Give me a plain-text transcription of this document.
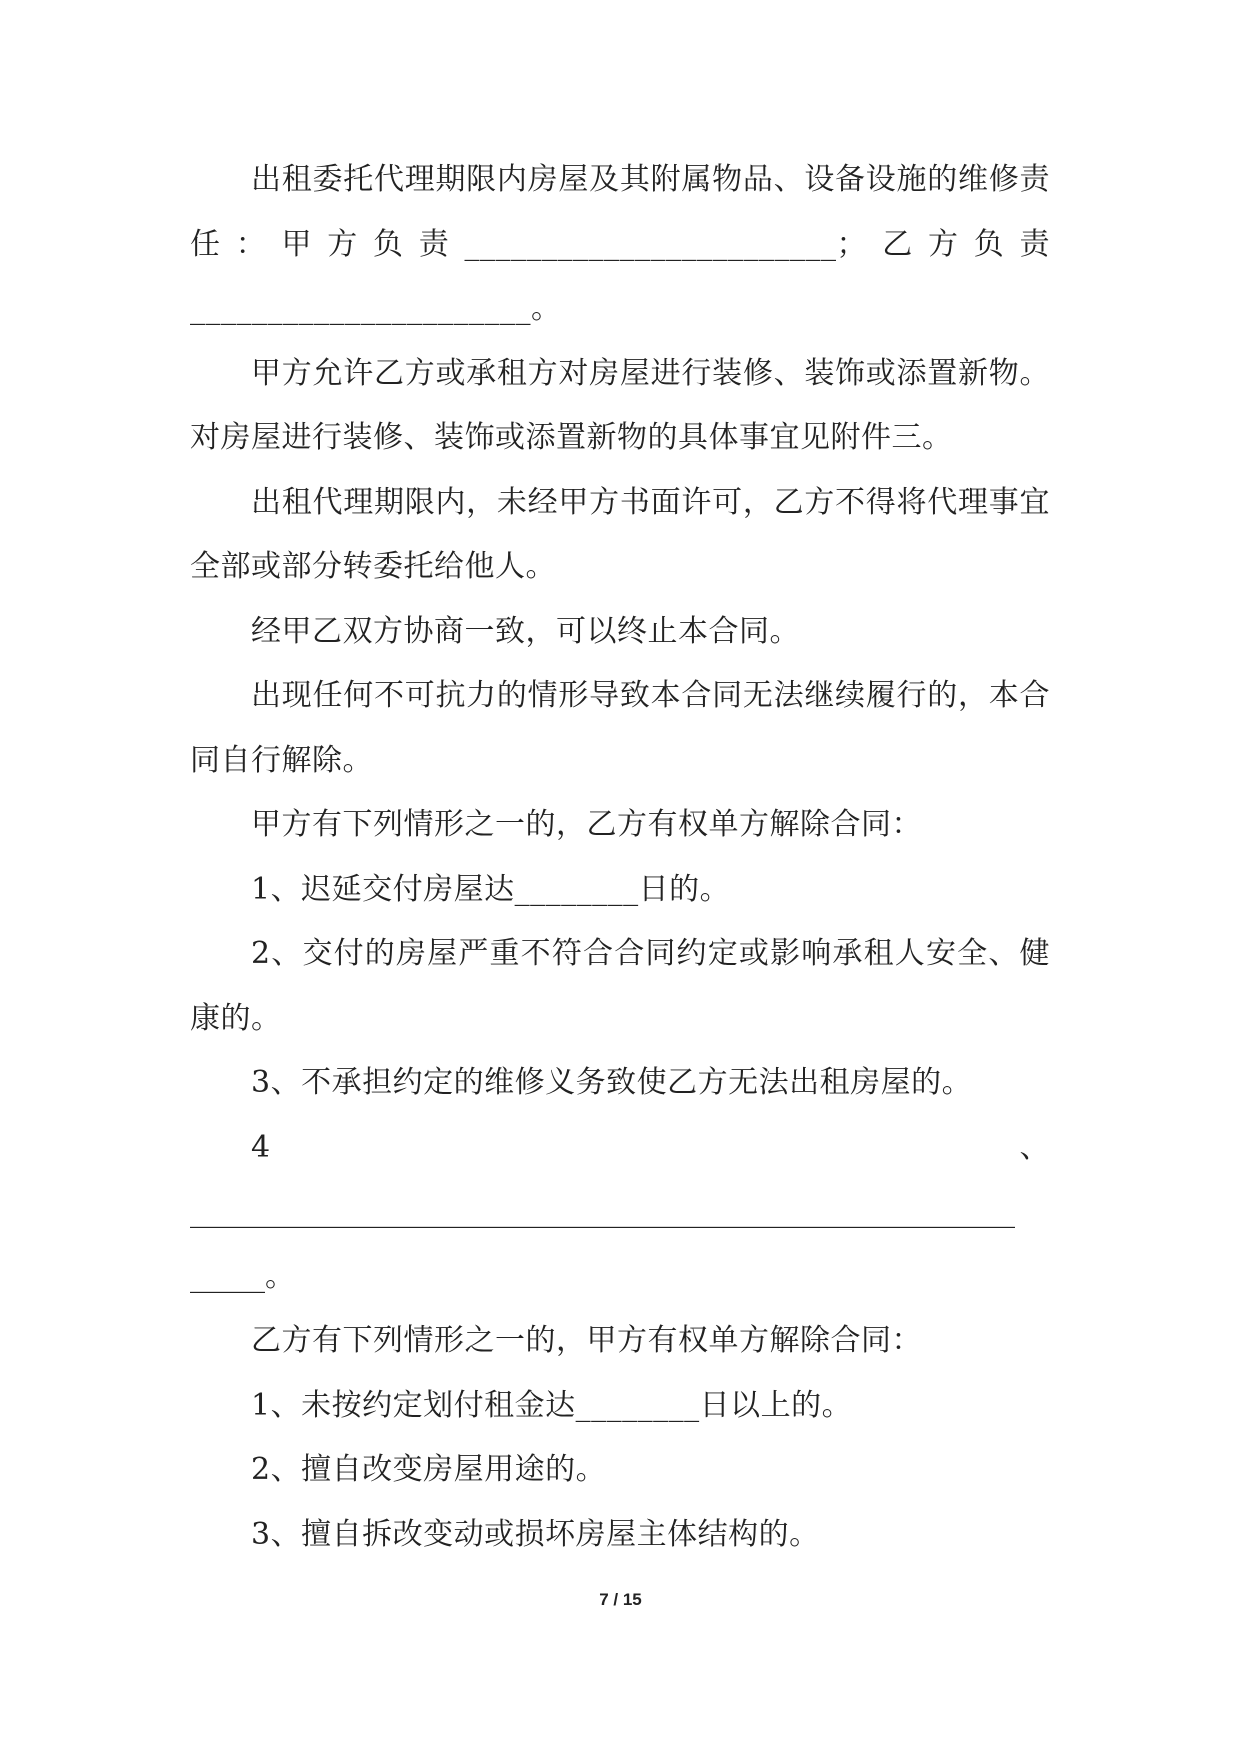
出租委托代理期限内房屋及其附属物品、设备设施的维修责
任：甲方负责________________________；乙方负责
______________________。
甲方允许乙方或承租方对房屋进行装修、装饰或添置新物。
对房屋进行装修、装饰或添置新物的具体事宜见附件三。
出租代理期限内，未经甲方书面许可，乙方不得将代理事宜
全部或部分转委托给他人。
经甲乙双方协商一致，可以终止本合同。
出现任何不可抗力的情形导致本合同无法继续履行的，本合
同自行解除。
甲方有下列情形之一的，乙方有权单方解除合同：
1、迟延交付房屋达________日的。
2、交付的房屋严重不符合合同约定或影响承租人安全、健
康的。
3、不承担约定的维修义务致使乙方无法出租房屋的。
4	、
_______________________________________________________
_____。
乙方有下列情形之一的，甲方有权单方解除合同：
1、未按约定划付租金达________日以上的。
2、擅自改变房屋用途的。
3、擅自拆改变动或损坏房屋主体结构的。
7 / 15
